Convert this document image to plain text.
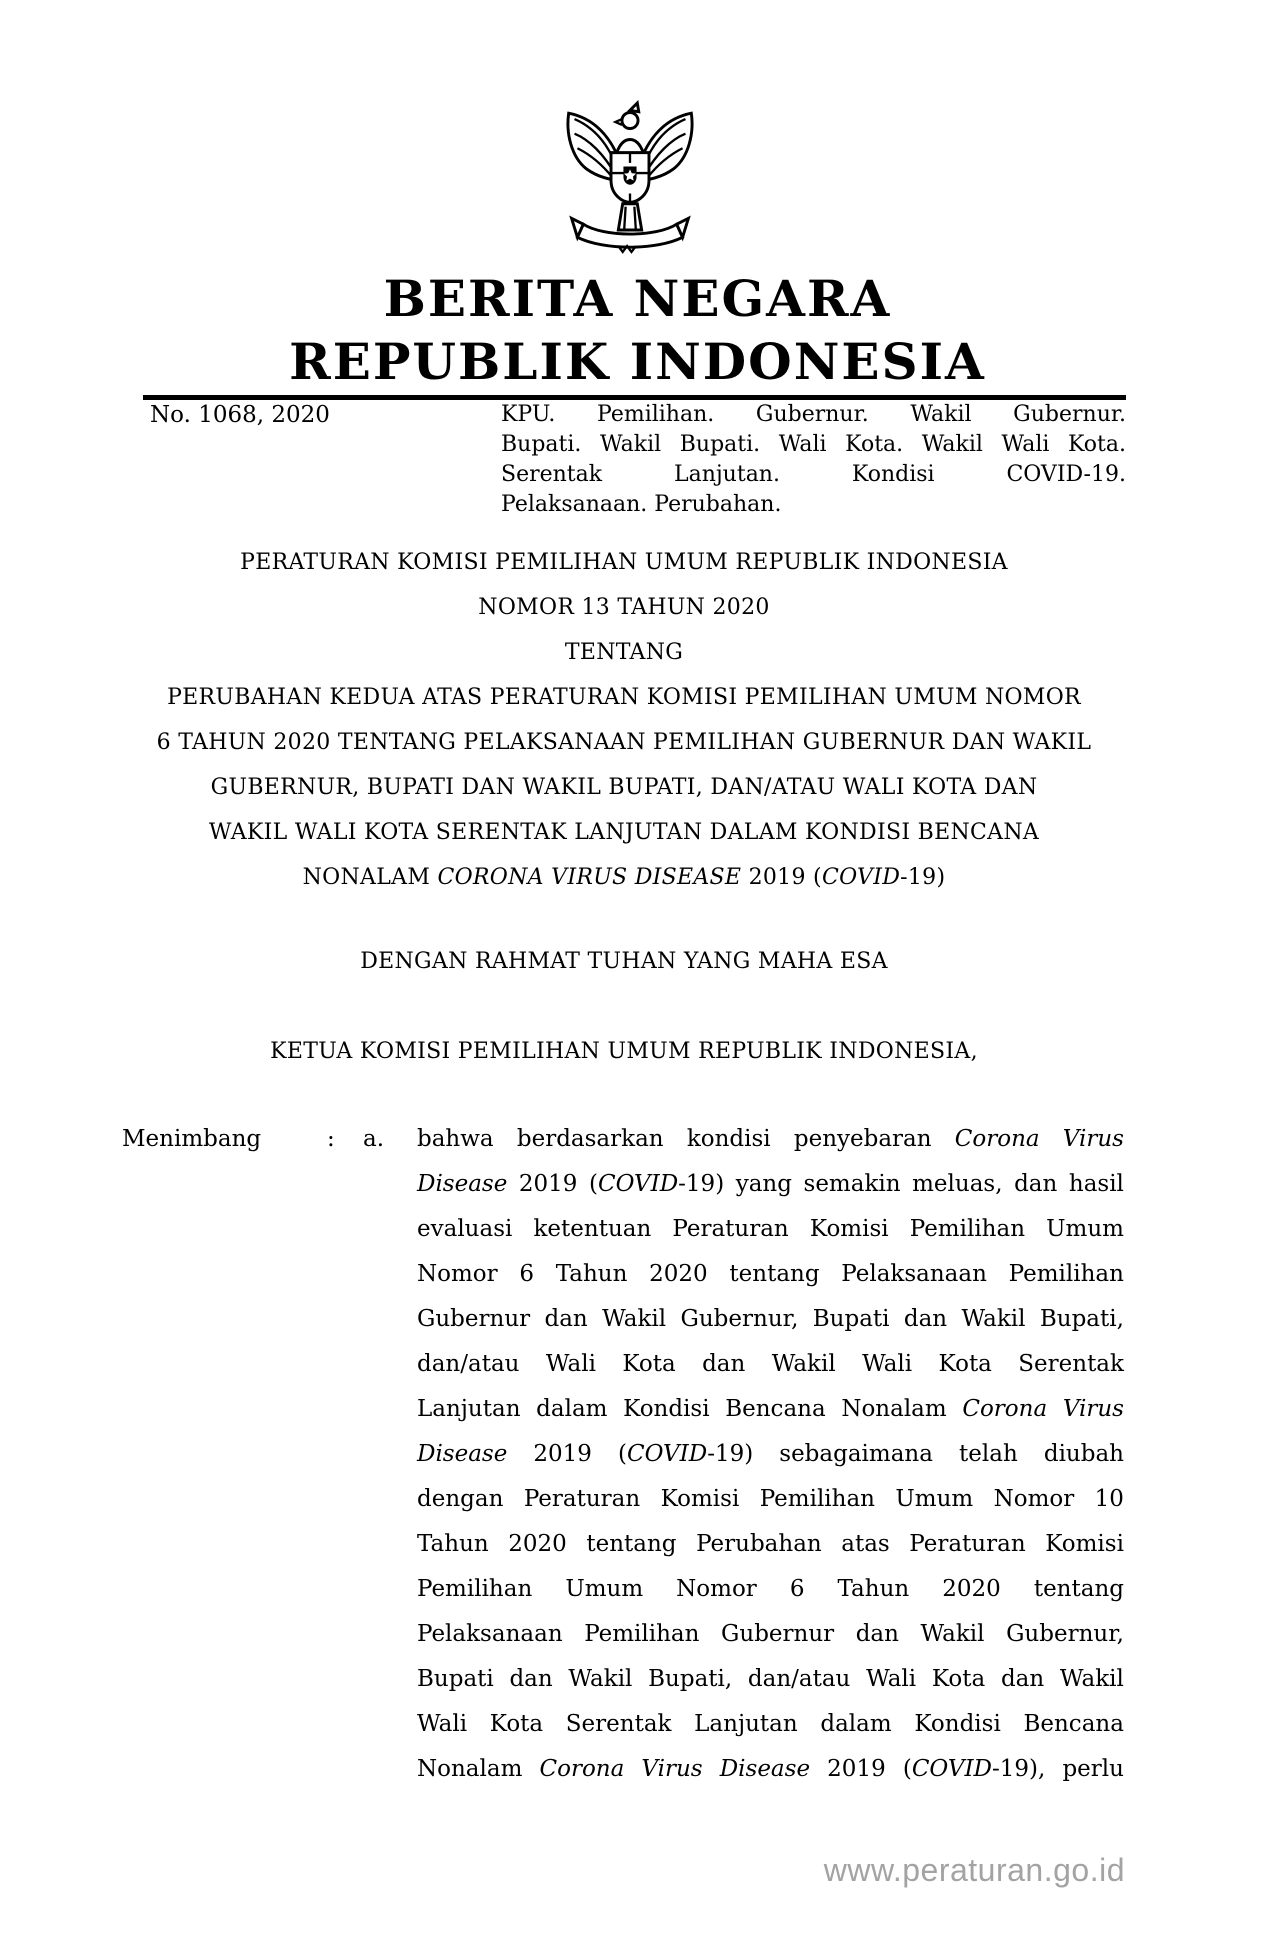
BERITA NEGARA
REPUBLIK INDONESIA
No. 1068, 2020	KPU. Pemilihan. Gubernur. Wakil Gubernur.
Bupati. Wakil Bupati. Wali Kota. Wakil Wali Kota.
Serentak	Lanjutan.	Kondisi	COVID-19.
Pelaksanaan. Perubahan.
PERATURAN KOMISI PEMILIHAN UMUM REPUBLIK INDONESIA
NOMOR 13 TAHUN 2020
TENTANG
PERUBAHAN KEDUA ATAS PERATURAN KOMISI PEMILIHAN UMUM NOMOR
6 TAHUN 2020 TENTANG PELAKSANAAN PEMILIHAN GUBERNUR DAN WAKIL
GUBERNUR, BUPATI DAN WAKIL BUPATI, DAN/ATAU WALI KOTA DAN
WAKIL WALI KOTA SERENTAK LANJUTAN DALAM KONDISI BENCANA
NONALAM CORONA VIRUS DISEASE 2019 (COVID-19)
DENGAN RAHMAT TUHAN YANG MAHA ESA
KETUA KOMISI PEMILIHAN UMUM REPUBLIK INDONESIA,
Menimbang	: a. bahwa berdasarkan kondisi penyebaran Corona Virus
Disease 2019 (COVID-19) yang semakin meluas, dan hasil
evaluasi ketentuan Peraturan Komisi Pemilihan Umum
Nomor 6 Tahun 2020 tentang Pelaksanaan Pemilihan
Gubernur dan Wakil Gubernur, Bupati dan Wakil Bupati,
dan/atau Wali Kota dan Wakil Wali Kota Serentak
Lanjutan dalam Kondisi Bencana Nonalam Corona Virus
Disease 2019 (COVID-19) sebagaimana telah diubah
dengan Peraturan Komisi Pemilihan Umum Nomor 10
Tahun 2020 tentang Perubahan atas Peraturan Komisi
Pemilihan Umum Nomor 6 Tahun 2020 tentang
Pelaksanaan Pemilihan Gubernur dan Wakil Gubernur,
Bupati dan Wakil Bupati, dan/atau Wali Kota dan Wakil
Wali Kota Serentak Lanjutan dalam Kondisi Bencana
Nonalam Corona Virus Disease 2019 (COVID-19), perlu
www.peraturan.go.id
